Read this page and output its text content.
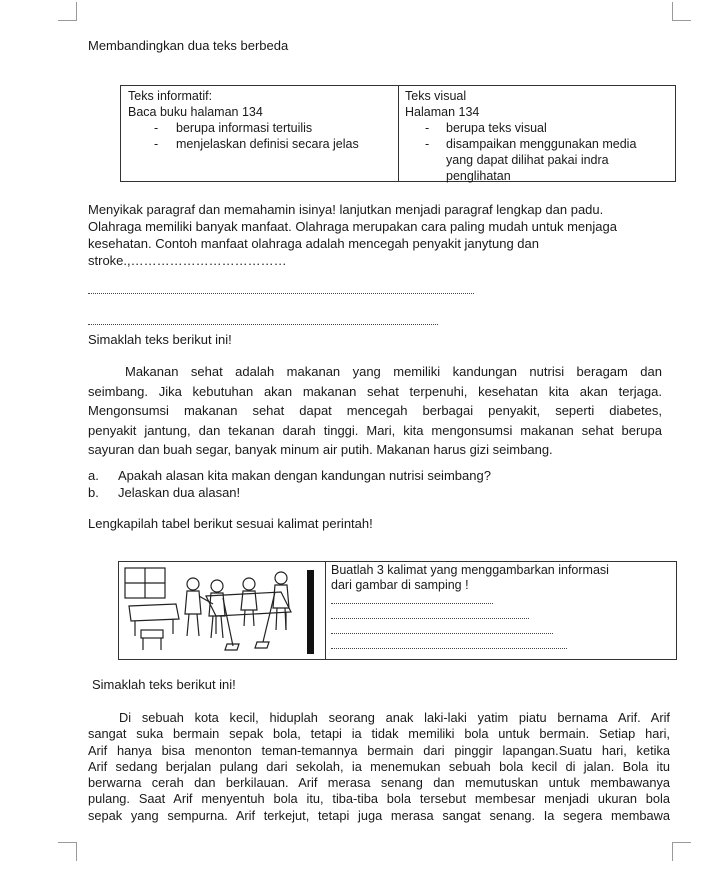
Membandingkan dua teks berbeda
Teks informatif:
Baca buku halaman 134
- berupa informasi tertuilis
- menjelaskan definisi secara jelas
Teks visual
Halaman 134
- berupa teks visual
- disampaikan menggunakan media
yang dapat dilihat pakai indra
penglihatan
Menyikak paragraf dan memahamin isinya! lanjutkan menjadi paragraf lengkap dan padu.
Olahraga memiliki banyak manfaat. Olahraga merupakan cara paling mudah untuk menjaga
kesehatan. Contoh manfaat olahraga adalah mencegah penyakit janytung dan
stroke.,………………………………
Simaklah teks berikut ini!
Makanan sehat adalah makanan yang memiliki kandungan nutrisi beragam dan
seimbang. Jika kebutuhan akan makanan sehat terpenuhi, kesehatan kita akan terjaga.
Mengonsumsi makanan sehat dapat mencegah berbagai penyakit, seperti diabetes,
penyakit jantung, dan tekanan darah tinggi. Mari, kita mengonsumsi makanan sehat berupa
sayuran dan buah segar, banyak minum air putih. Makanan harus gizi seimbang.
a. Apakah alasan kita makan dengan kandungan nutrisi seimbang?
b. Jelaskan dua alasan!
Lengkapilah tabel berikut sesuai kalimat perintah!
Buatlah 3 kalimat yang menggambarkan informasi
dari gambar di samping !
Simaklah teks berikut ini!
Di sebuah kota kecil, hiduplah seorang anak laki-laki yatim piatu bernama Arif. Arif
sangat suka bermain sepak bola, tetapi ia tidak memiliki bola untuk bermain. Setiap hari,
Arif hanya bisa menonton teman-temannya bermain dari pinggir lapangan.Suatu hari, ketika
Arif sedang berjalan pulang dari sekolah, ia menemukan sebuah bola kecil di jalan. Bola itu
berwarna cerah dan berkilauan. Arif merasa senang dan memutuskan untuk membawanya
pulang. Saat Arif menyentuh bola itu, tiba-tiba bola tersebut membesar menjadi ukuran bola
sepak yang sempurna. Arif terkejut, tetapi juga merasa sangat senang. Ia segera membawa
